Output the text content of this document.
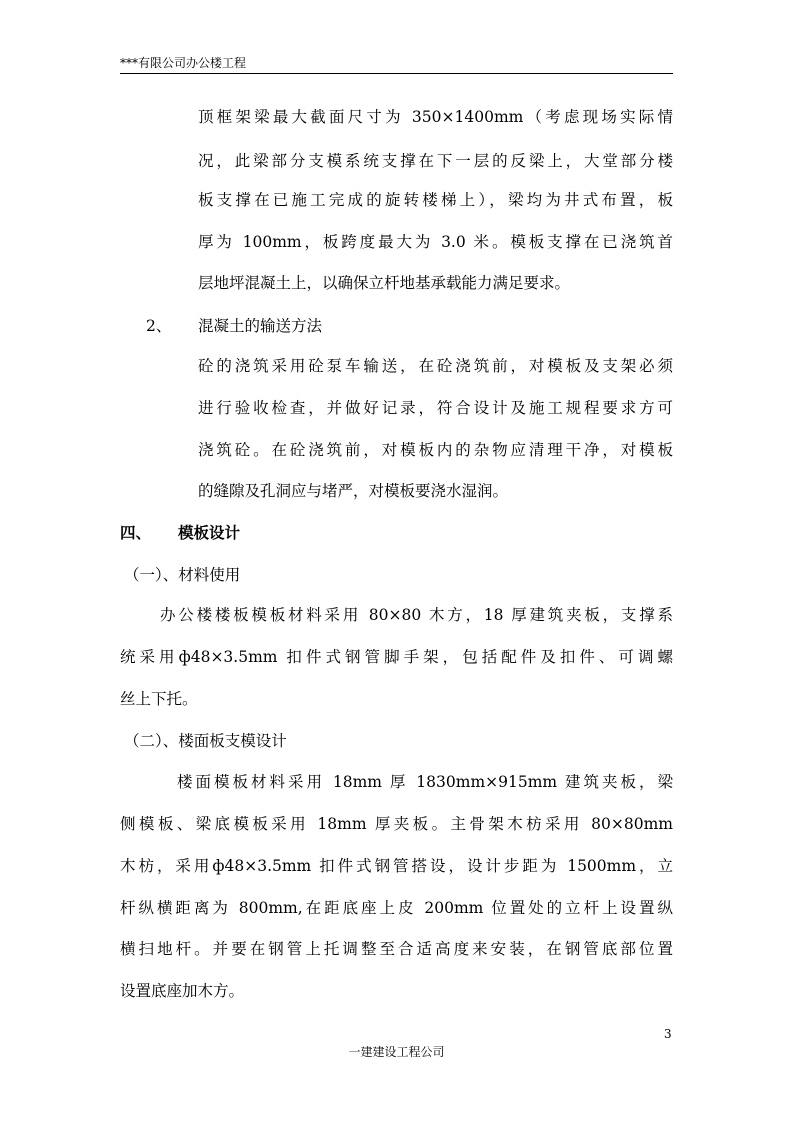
***有限公司办公楼工程
顶框架梁最大截面尺寸为 350×1400mm（考虑现场实际情
况，此梁部分支模系统支撑在下一层的反梁上，大堂部分楼
板支撑在已施工完成的旋转楼梯上），梁均为井式布置，板
厚为 100mm，板跨度最大为 3.0 米。模板支撑在已浇筑首
层地坪混凝土上，以确保立杆地基承载能力满足要求。
2、 混凝土的输送方法
砼的浇筑采用砼泵车输送，在砼浇筑前，对模板及支架必须
进行验收检查，并做好记录，符合设计及施工规程要求方可
浇筑砼。在砼浇筑前，对模板内的杂物应清理干净，对模板
的缝隙及孔洞应与堵严，对模板要浇水湿润。
四、 模板设计
（一）、材料使用
办公楼楼板模板材料采用 80×80 木方，18 厚建筑夹板，支撑系
统采用ф48×3.5mm 扣件式钢管脚手架，包括配件及扣件、可调螺
丝上下托。
（二）、楼面板支模设计
楼面模板材料采用 18mm 厚 1830mm×915mm 建筑夹板，梁
侧模板、梁底模板采用 18mm 厚夹板。主骨架木枋采用 80×80mm
木枋，采用ф48×3.5mm 扣件式钢管搭设，设计步距为 1500mm，立
杆纵横距离为 800mm,在距底座上皮 200mm 位置处的立杆上设置纵
横扫地杆。并要在钢管上托调整至合适高度来安装，在钢管底部位置
设置底座加木方。
3
一建建设工程公司
